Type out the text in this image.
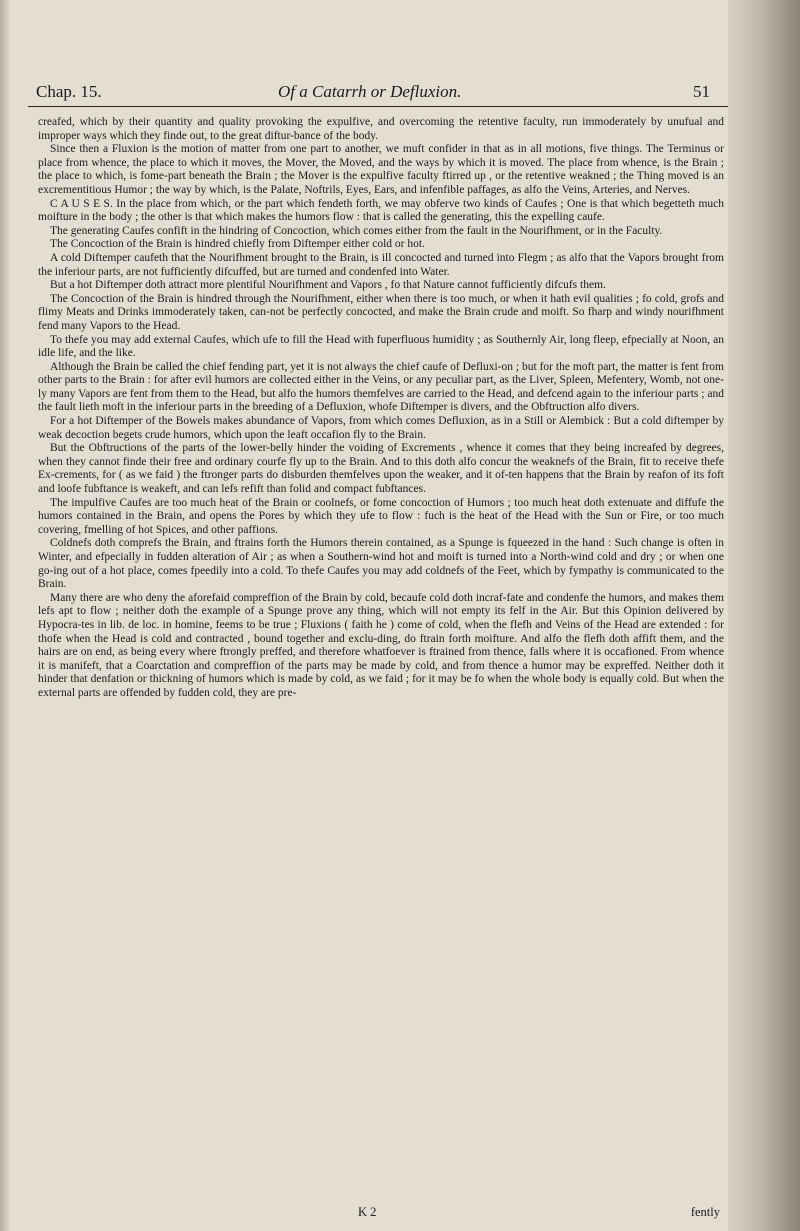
Chap. 15.	Of a Catarrh or Defluxion.	51

creafed, which by their quantity and quality provoking the expulfive, and overcoming the retentive faculty, run immoderately by unufual and improper ways which they finde out, to the great diftur-bance of the body.

Since then a Fluxion is the motion of matter from one part to another, we muft confider in that as in all motions, five things. The Terminus or place from whence, the place to which it moves, the Mover, the Moved, and the ways by which it is moved. The place from whence, is the Brain ; the place to which, is fome-part beneath the Brain ; the Mover is the expulfive faculty ftirred up , or the retentive weakned ; the Thing moved is an excrementitious Humor ; the way by which, is the Palate, Noftrils, Eyes, Ears, and infenfible paffages, as alfo the Veins, Arteries, and Nerves.

C A U S E S. In the place from which, or the part which fendeth forth, we may obferve two kinds of Caufes ; One is that which begetteth much moifture in the body ; the other is that which makes the humors flow : that is called the generating, this the expelling caufe.

The generating Caufes confift in the hindring of Concoction, which comes either from the fault in the Nourifhment, or in the Faculty.

The Concoction of the Brain is hindred chiefly from Diftemper either cold or hot.

A cold Diftemper caufeth that the Nourifhment brought to the Brain, is ill concocted and turned into Flegm ; as alfo that the Vapors brought from the inferiour parts, are not fufficiently difcuffed, but are turned and condenfed into Water.

But a hot Diftemper doth attract more plentiful Nourifhment and Vapors , fo that Nature cannot fufficiently difcufs them.

The Concoction of the Brain is hindred through the Nourifhment, either when there is too much, or when it hath evil qualities ; fo cold, grofs and flimy Meats and Drinks immoderately taken, can-not be perfectly concocted, and make the Brain crude and moift. So fharp and windy nourifhment fend many Vapors to the Head.

To thefe you may add external Caufes, which ufe to fill the Head with fuperfluous humidity ; as Southernly Air, long fleep, efpecially at Noon, an idle life, and the like.

Although the Brain be called the chief fending part, yet it is not always the chief caufe of Defluxi-on ; but for the moft part, the matter is fent from other parts to the Brain : for after evil humors are collected either in the Veins, or any peculiar part, as the Liver, Spleen, Mefentery, Womb, not one-ly many Vapors are fent from them to the Head, but alfo the humors themfelves are carried to the Head, and defcend again to the inferiour parts ; and the fault lieth moft in the inferiour parts in the breeding of a Defluxion, whofe Diftemper is divers, and the Obftruction alfo divers.

For a hot Diftemper of the Bowels makes abundance of Vapors, from which comes Defluxion, as in a Still or Alembick : But a cold diftemper by weak decoction begets crude humors, which upon the leaft occafion fly to the Brain.

But the Obftructions of the parts of the lower-belly hinder the voiding of Excrements , whence it comes that they being increafed by degrees, when they cannot finde their free and ordinary courfe fly up to the Brain. And to this doth alfo concur the weaknefs of the Brain, fit to receive thefe Ex-crements, for ( as we faid ) the ftronger parts do disburden themfelves upon the weaker, and it of-ten happens that the Brain by reafon of its foft and loofe fubftance is weakeft, and can lefs refift than folid and compact fubftances.

The impulfive Caufes are too much heat of the Brain or coolnefs, or fome concoction of Humors ; too much heat doth extenuate and diffufe the humors contained in the Brain, and opens the Pores by which they ufe to flow : fuch is the heat of the Head with the Sun or Fire, or too much covering, fmelling of hot Spices, and other paffions.

Coldnefs doth comprefs the Brain, and ftrains forth the Humors therein contained, as a Spunge is fqueezed in the hand : Such change is often in Winter, and efpecially in fudden alteration of Air ; as when a Southern-wind hot and moift is turned into a North-wind cold and dry ; or when one go-ing out of a hot place, comes fpeedily into a cold. To thefe Caufes you may add coldnefs of the Feet, which by fympathy is communicated to the Brain.

Many there are who deny the aforefaid compreffion of the Brain by cold, becaufe cold doth incraf-fate and condenfe the humors, and makes them lefs apt to flow ; neither doth the example of a Spunge prove any thing, which will not empty its felf in the Air. But this Opinion delivered by Hypocra-tes in lib. de loc. in homine, feems to be true ; Fluxions ( faith he ) come of cold, when the flefh and Veins of the Head are extended : for thofe when the Head is cold and contracted , bound together and exclu-ding, do ftrain forth moifture. And alfo the flefh doth affift them, and the hairs are on end, as being every where ftrongly preffed, and therefore whatfoever is ftrained from thence, falls where it is occafioned. From whence it is manifeft, that a Coarctation and compreffion of the parts may be made by cold, and from thence a humor may be expreffed. Neither doth it hinder that denfation or thickning of humors which is made by cold, as we faid ; for it may be fo when the whole body is equally cold. But when the external parts are offended by fudden cold, they are pre-

K 2	fently
